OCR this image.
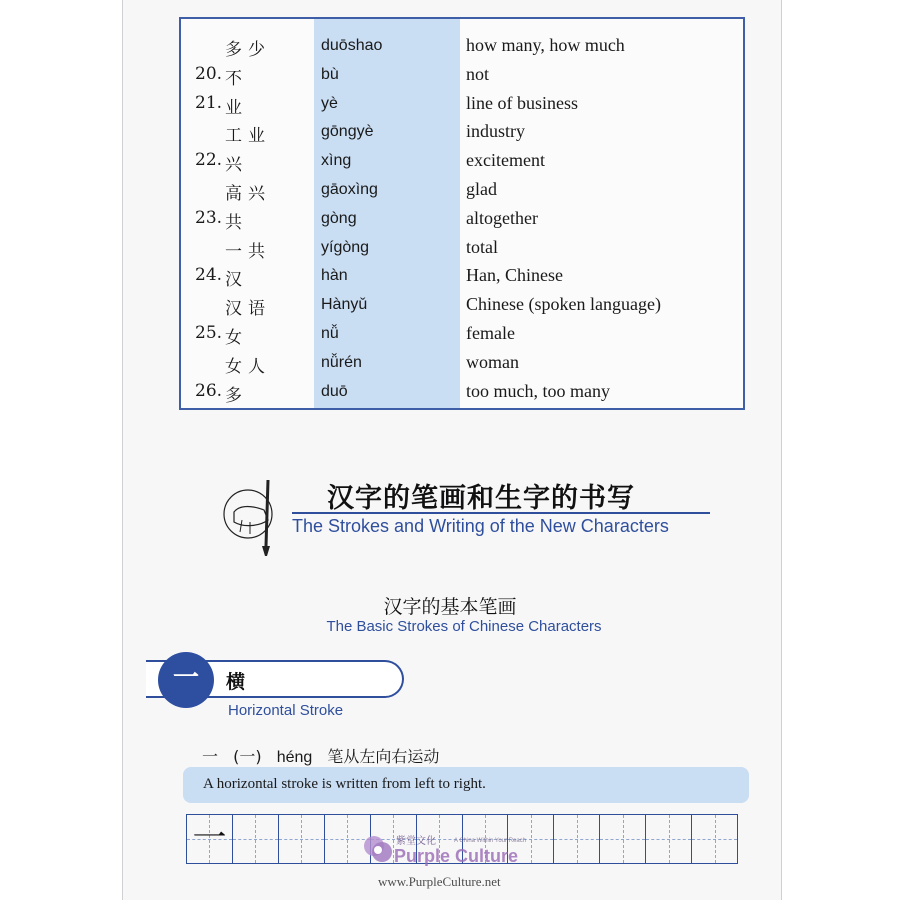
多少	duōshao	how many, how much
20. 不	bù	not
21. 业	yè	line of business
工业	gōngyè	industry
22. 兴	xìng	excitement
高兴	gāoxìng	glad
23. 共	gòng	altogether
一共	yígòng	total
24. 汉	hàn	Han, Chinese
汉语	Hànyǔ	Chinese (spoken language)
25. 女	nǚ	female
女人	nǚrén	woman
26. 多	duō	too much, too many
汉字的笔画和生字的书写
The Strokes and Writing of the New Characters
汉字的基本笔画
The Basic Strokes of Chinese Characters
一	横
Horizontal Stroke
一 (一) héng 笔从左向右运动
A horizontal stroke is written from left to right.
一	紫堂文化	A China Within Your Reach
Purple Culture
www.PurpleCulture.net
